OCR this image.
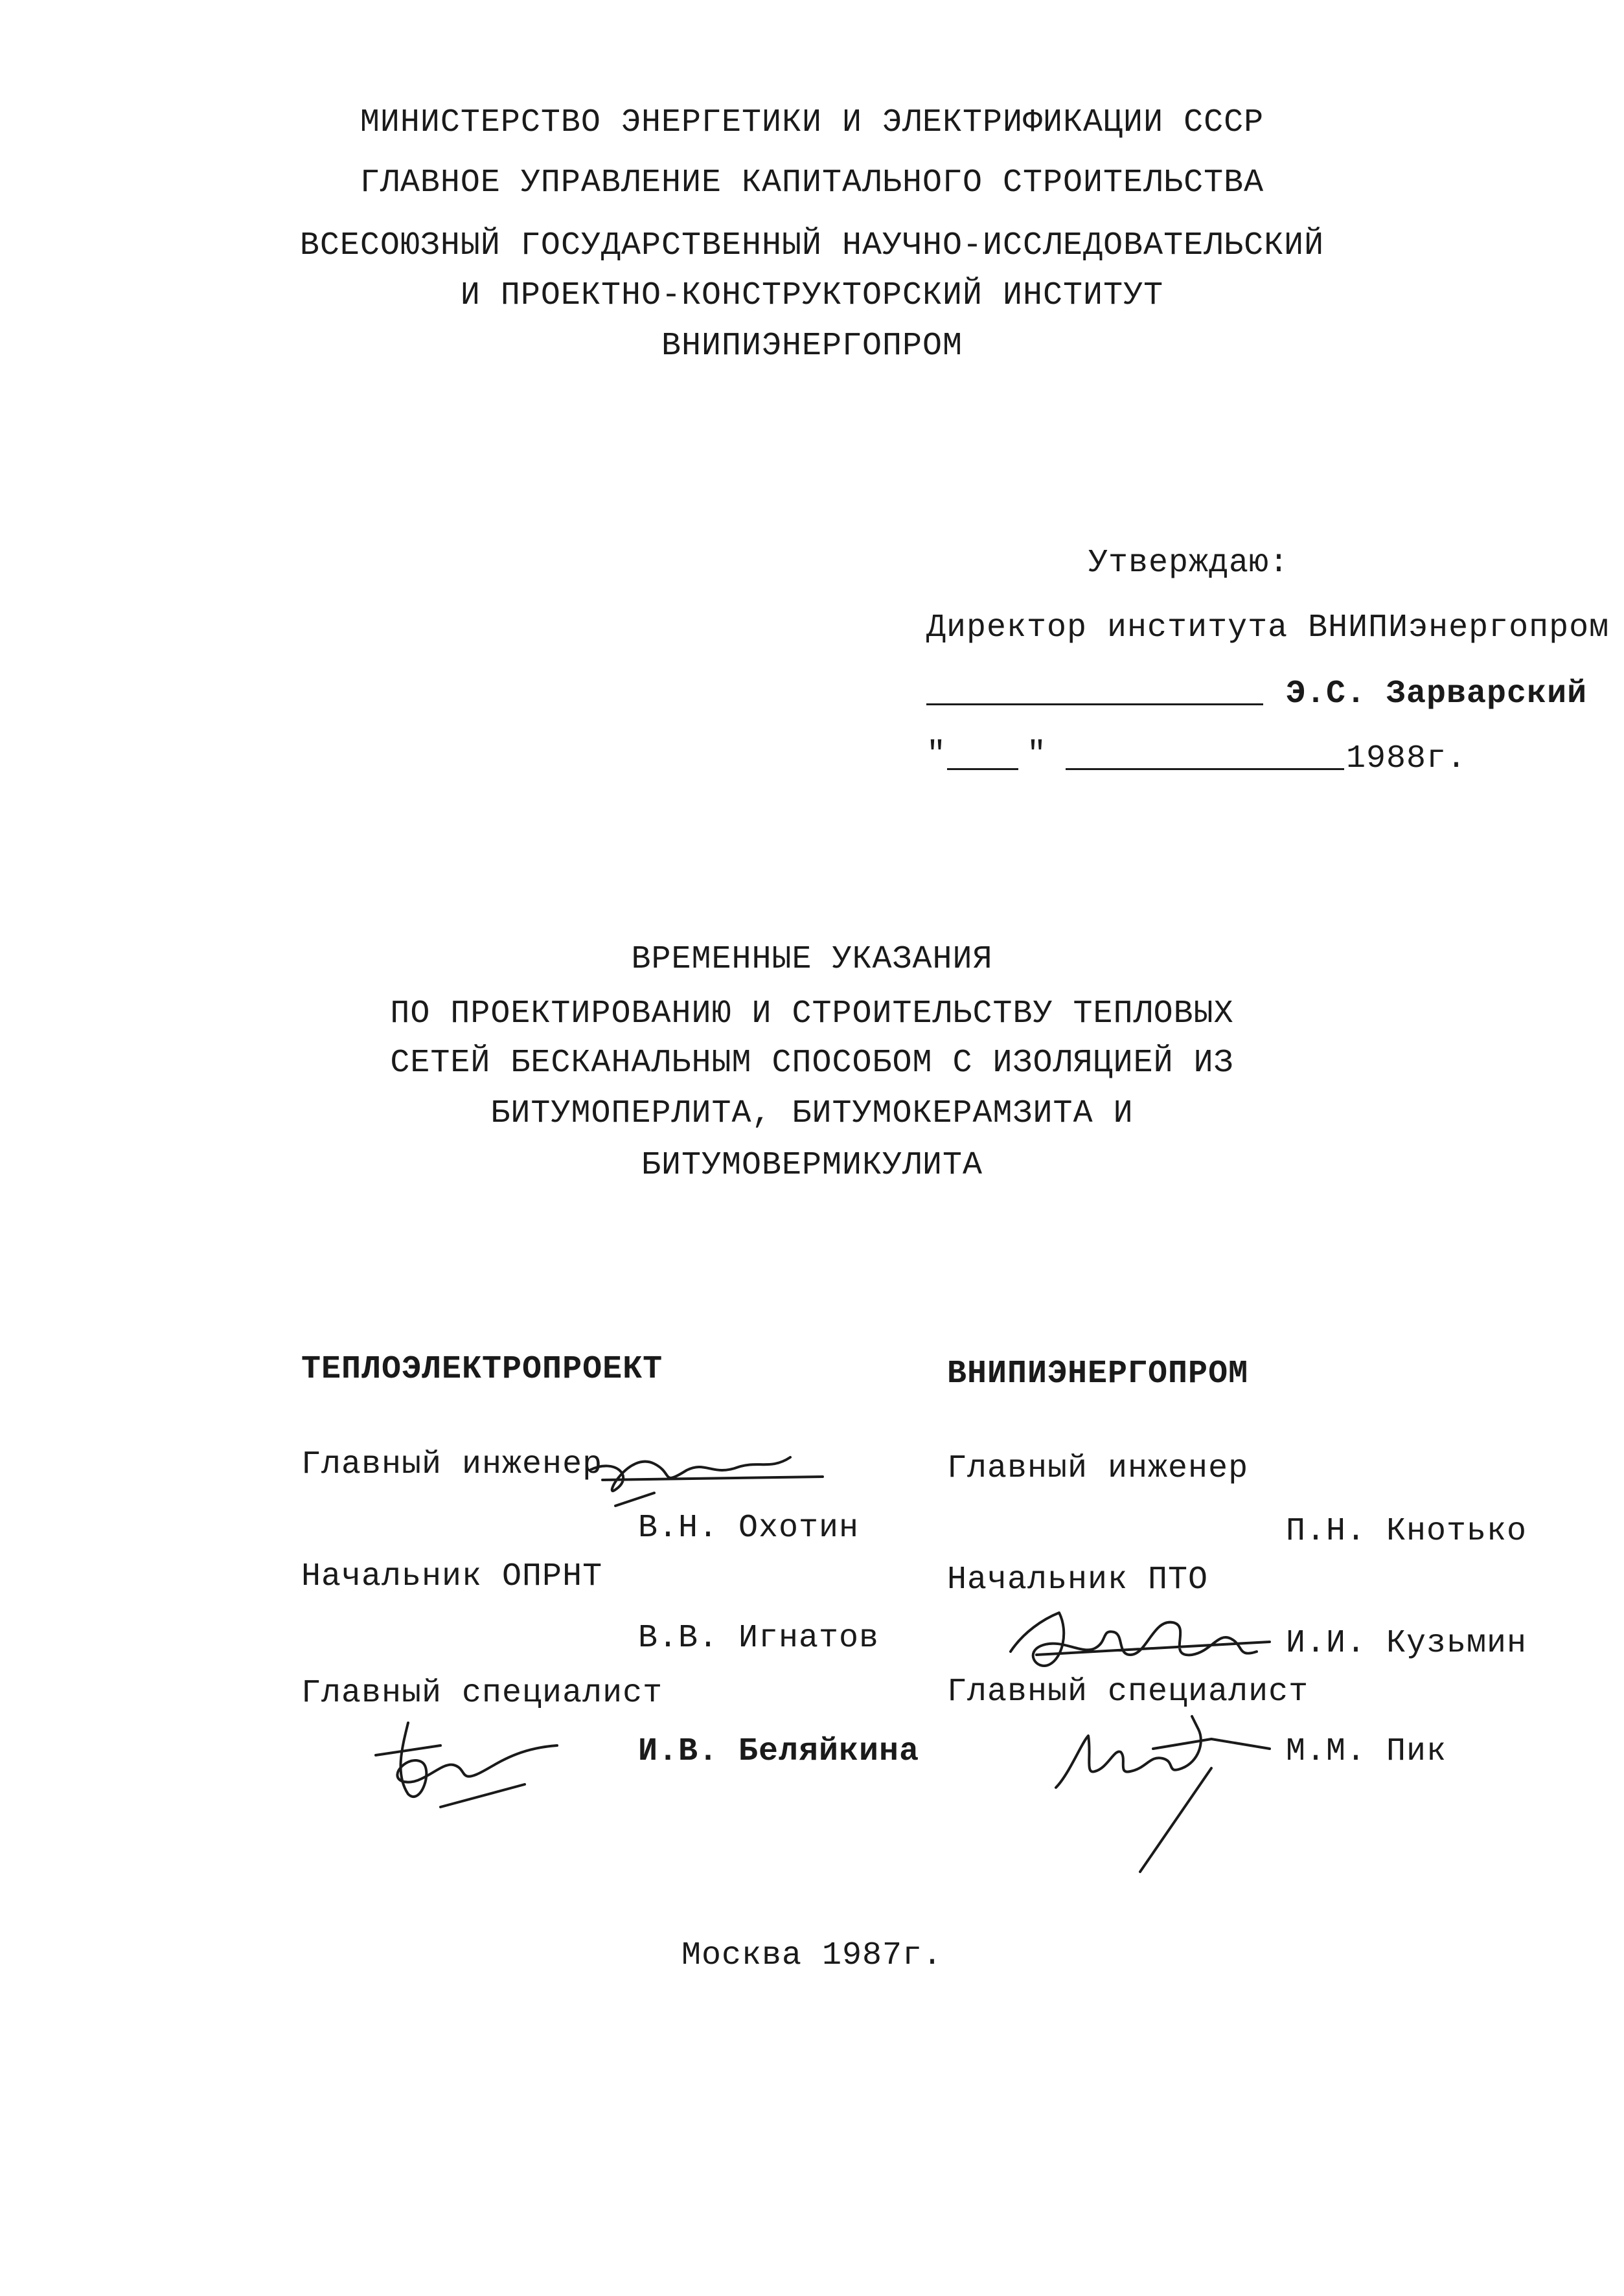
МИНИСТЕРСТВО ЭНЕРГЕТИКИ И ЭЛЕКТРИФИКАЦИИ СССР
ГЛАВНОЕ УПРАВЛЕНИЕ КАПИТАЛЬНОГО СТРОИТЕЛЬСТВА
ВСЕСОЮЗНЫЙ ГОСУДАРСТВЕННЫЙ НАУЧНО-ИССЛЕДОВАТЕЛЬСКИЙ
И ПРОЕКТНО-КОНСТРУКТОРСКИЙ ИНСТИТУТ
ВНИПИЭНЕРГОПРОМ
Утверждаю:
Директор института ВНИПИэнергопром
Э.С. Зарварский
" "	1988г.
ВРЕМЕННЫЕ УКАЗАНИЯ
ПО ПРОЕКТИРОВАНИЮ И СТРОИТЕЛЬСТВУ ТЕПЛОВЫХ
СЕТЕЙ БЕСКАНАЛЬНЫМ СПОСОБОМ С ИЗОЛЯЦИЕЙ ИЗ
БИТУМОПЕРЛИТА, БИТУМОКЕРАМЗИТА И
БИТУМОВЕРМИКУЛИТА
ТЕПЛОЭЛЕКТРОПРОЕКТ
Главный инженер
В.Н. Охотин
Начальник ОПРНТ
В.В. Игнатов
Главный специалист
И.В. Беляйкина
ВНИПИЭНЕРГОПРОМ
Главный инженер
П.Н. Кнотько
Начальник ПТО
И.И. Кузьмин
Главный специалист
М.М. Пик
Москва 1987г.
